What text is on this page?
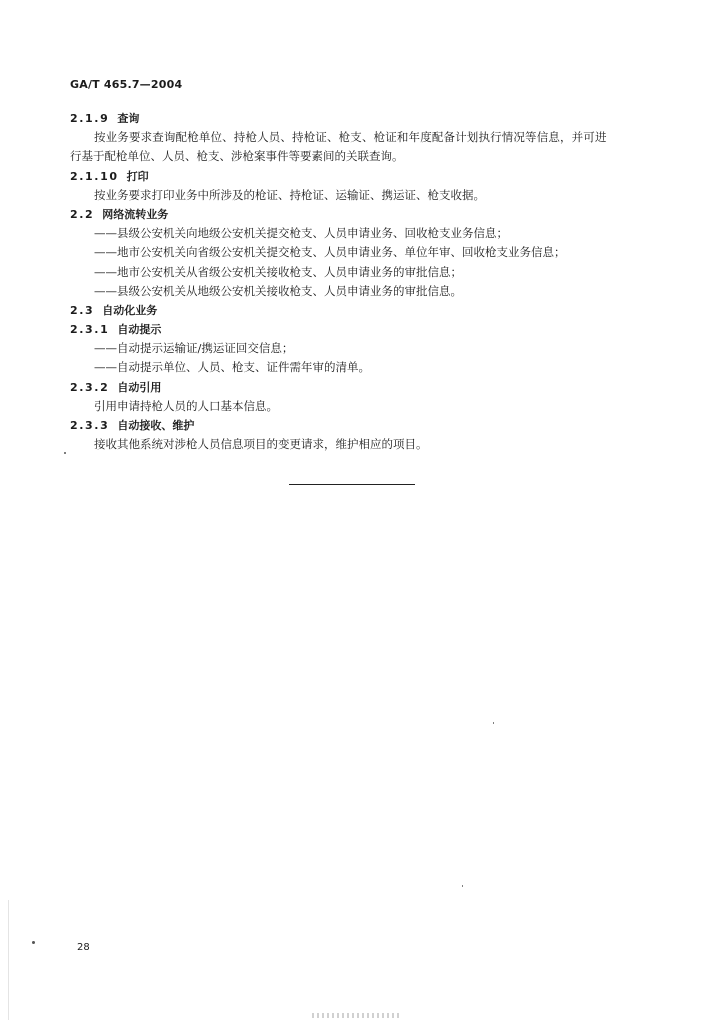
GA/T 465.7—2004
2.1.9 查询
按业务要求查询配枪单位、持枪人员、持枪证、枪支、枪证和年度配备计划执行情况等信息，并可进
行基于配枪单位、人员、枪支、涉枪案事件等要素间的关联查询。
2.1.10 打印
按业务要求打印业务中所涉及的枪证、持枪证、运输证、携运证、枪支收据。
2.2 网络流转业务
——县级公安机关向地级公安机关提交枪支、人员申请业务、回收枪支业务信息；
——地市公安机关向省级公安机关提交枪支、人员申请业务、单位年审、回收枪支业务信息；
——地市公安机关从省级公安机关接收枪支、人员申请业务的审批信息；
——县级公安机关从地级公安机关接收枪支、人员申请业务的审批信息。
2.3 自动化业务
2.3.1 自动提示
——自动提示运输证/携运证回交信息；
——自动提示单位、人员、枪支、证件需年审的清单。
2.3.2 自动引用
引用申请持枪人员的人口基本信息。
2.3.3 自动接收、维护
接收其他系统对涉枪人员信息项目的变更请求，维护相应的项目。
28
